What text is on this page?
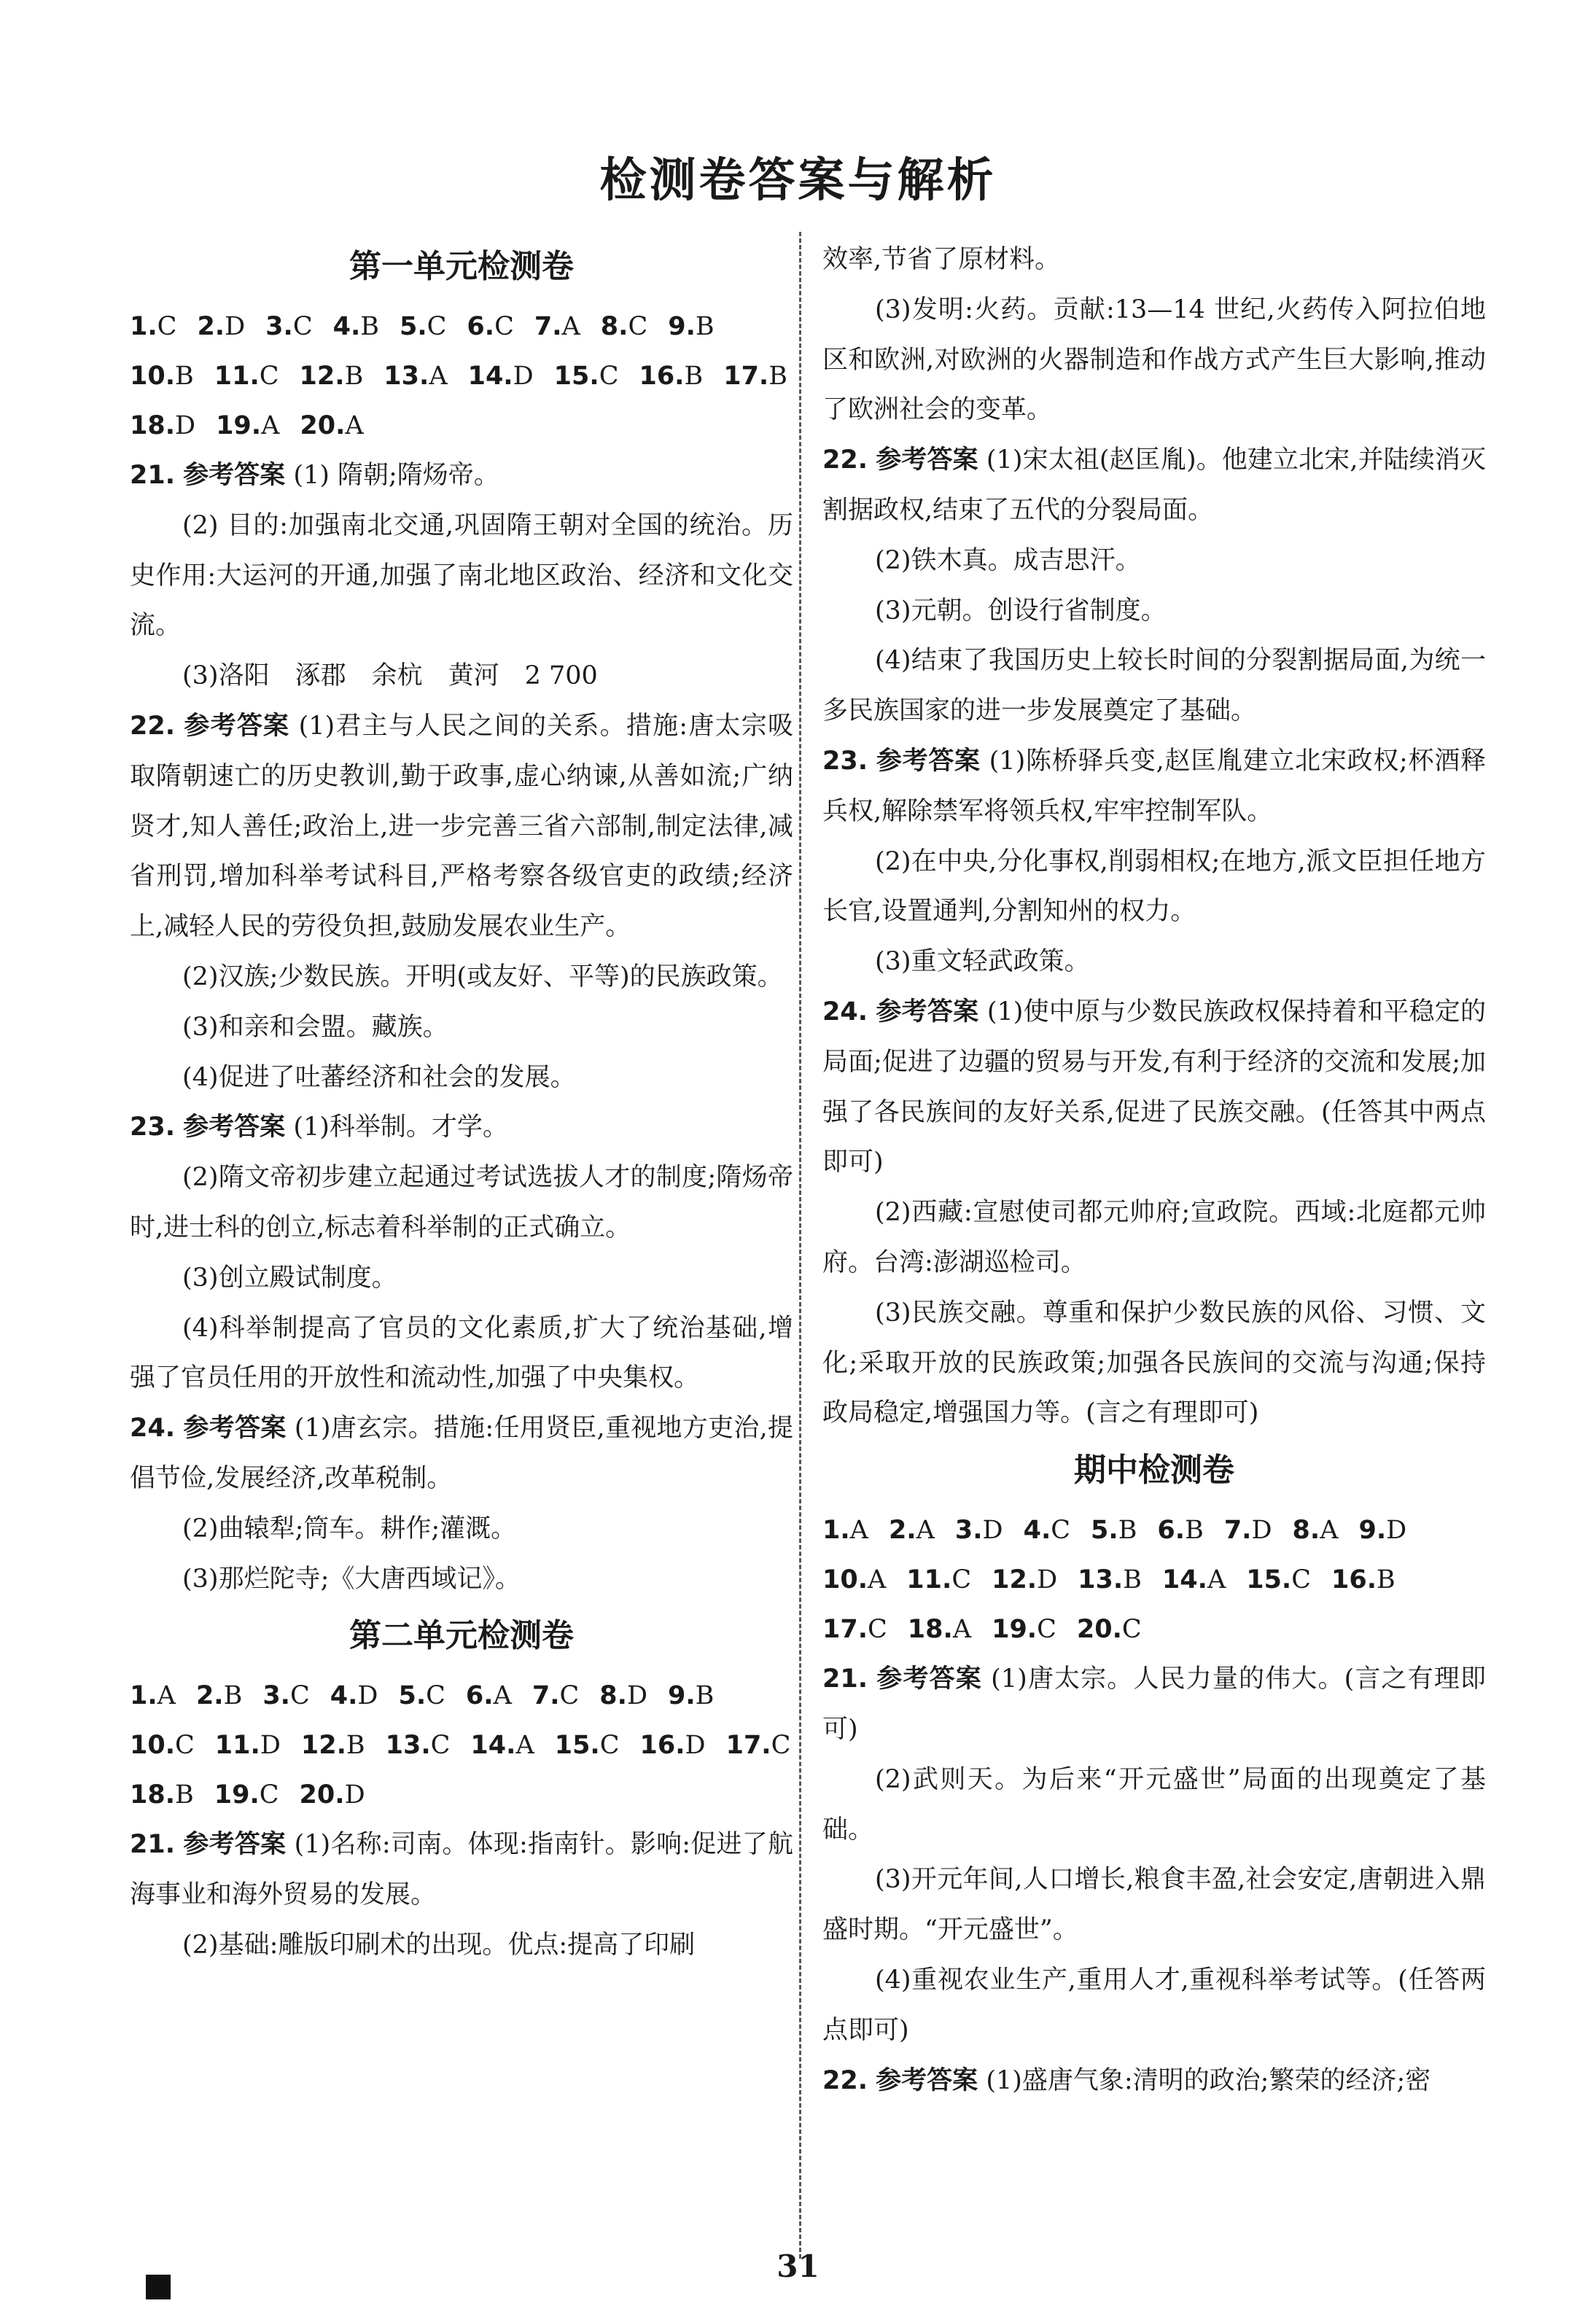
检测卷答案与解析
第一单元检测卷
1.C 2.D 3.C 4.B 5.C 6.C 7.A 8.C 9.B
10.B 11.C 12.B 13.A 14.D 15.C 16.B 17.B
18.D 19.A 20.A

21. 参考答案 (1) 隋朝;隋炀帝。

(2) 目的:加强南北交通,巩固隋王朝对全国的统治。历史作用:大运河的开通,加强了南北地区政治、经济和文化交流。

(3)洛阳　涿郡　余杭　黄河　2 700

22. 参考答案 (1)君主与人民之间的关系。措施:唐太宗吸取隋朝速亡的历史教训,勤于政事,虚心纳谏,从善如流;广纳贤才,知人善任;政治上,进一步完善三省六部制,制定法律,减省刑罚,增加科举考试科目,严格考察各级官吏的政绩;经济上,减轻人民的劳役负担,鼓励发展农业生产。

(2)汉族;少数民族。开明(或友好、平等)的民族政策。

(3)和亲和会盟。藏族。

(4)促进了吐蕃经济和社会的发展。

23. 参考答案 (1)科举制。才学。

(2)隋文帝初步建立起通过考试选拔人才的制度;隋炀帝时,进士科的创立,标志着科举制的正式确立。

(3)创立殿试制度。

(4)科举制提高了官员的文化素质,扩大了统治基础,增强了官员任用的开放性和流动性,加强了中央集权。

24. 参考答案 (1)唐玄宗。措施:任用贤臣,重视地方吏治,提倡节俭,发展经济,改革税制。

(2)曲辕犁;筒车。耕作;灌溉。

(3)那烂陀寺;《大唐西域记》。

第二单元检测卷
1.A 2.B 3.C 4.D 5.C 6.A 7.C 8.D 9.B
10.C 11.D 12.B 13.C 14.A 15.C 16.D 17.C
18.B 19.C 20.D

21. 参考答案 (1)名称:司南。体现:指南针。影响:促进了航海事业和海外贸易的发展。

(2)基础:雕版印刷术的出现。优点:提高了印刷

效率,节省了原材料。

(3)发明:火药。贡献:13—14 世纪,火药传入阿拉伯地区和欧洲,对欧洲的火器制造和作战方式产生巨大影响,推动了欧洲社会的变革。

22. 参考答案 (1)宋太祖(赵匡胤)。他建立北宋,并陆续消灭割据政权,结束了五代的分裂局面。

(2)铁木真。成吉思汗。

(3)元朝。创设行省制度。

(4)结束了我国历史上较长时间的分裂割据局面,为统一多民族国家的进一步发展奠定了基础。

23. 参考答案 (1)陈桥驿兵变,赵匡胤建立北宋政权;杯酒释兵权,解除禁军将领兵权,牢牢控制军队。

(2)在中央,分化事权,削弱相权;在地方,派文臣担任地方长官,设置通判,分割知州的权力。

(3)重文轻武政策。

24. 参考答案 (1)使中原与少数民族政权保持着和平稳定的局面;促进了边疆的贸易与开发,有利于经济的交流和发展;加强了各民族间的友好关系,促进了民族交融。(任答其中两点即可)

(2)西藏:宣慰使司都元帅府;宣政院。西域:北庭都元帅府。台湾:澎湖巡检司。

(3)民族交融。尊重和保护少数民族的风俗、习惯、文化;采取开放的民族政策;加强各民族间的交流与沟通;保持政局稳定,增强国力等。(言之有理即可)

期中检测卷
1.A 2.A 3.D 4.C 5.B 6.B 7.D 8.A 9.D
10.A 11.C 12.D 13.B 14.A 15.C 16.B
17.C 18.A 19.C 20.C

21. 参考答案 (1)唐太宗。人民力量的伟大。(言之有理即可)

(2)武则天。为后来“开元盛世”局面的出现奠定了基础。

(3)开元年间,人口增长,粮食丰盈,社会安定,唐朝进入鼎盛时期。“开元盛世”。

(4)重视农业生产,重用人才,重视科举考试等。(任答两点即可)

22. 参考答案 (1)盛唐气象:清明的政治;繁荣的经济;密

31
